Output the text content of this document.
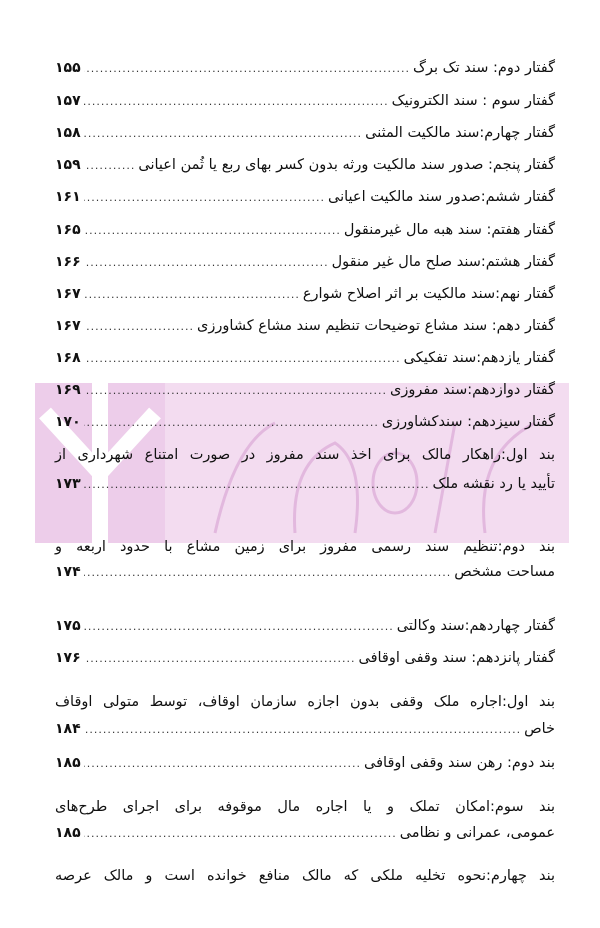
گفتار دوم: سند تک برگ
.....
۱۵۵
گفتار سوم : سند الکترونیک
.....
۱۵۷
گفتار چهارم:سند مالکیت المثنی
.....
۱۵۸
گفتار پنجم: صدور سند مالکیت ورثه بدون کسر بهای ربع یا ثُمن اعیانی
.....
۱۵۹
گفتار ششم:صدور سند مالکیت اعیانی
.....
۱۶۱
گفتار هفتم: سند هبه مال غیرمنقول
.....
۱۶۵
گفتار هشتم:سند صلح مال غیر منقول
.....
۱۶۶
گفتار نهم:سند مالکیت بر اثر اصلاح شوارع
.....
۱۶۷
گفتار دهم: سند مشاع توضیحات تنظیم سند مشاع کشاورزی
.....
۱۶۷
گفتار یازدهم:سند تفکیکی
.....
۱۶۸
گفتار دوازدهم:سند مفروزی
.....
۱۶۹
گفتار سیزدهم: سندکشاورزی
.....
۱۷۰
بند اول:راهکار مالک برای اخذ سند مفروز در صورت امتناع شهرداری از
تأیید یا رد نقشه ملک
.....
۱۷۳
بند دوم:تنظیم سند رسمی مفروز برای زمین مشاع با حدود اربعه و
مساحت مشخص
.....
۱۷۴
گفتار چهاردهم:سند وکالتی
.....
۱۷۵
گفتار پانزدهم: سند وقفی اوقافی
.....
۱۷۶
بند اول:اجاره ملک وقفی بدون اجازه سازمان اوقاف، توسط متولی اوقاف
خاص
.....
۱۸۴
بند دوم: رهن سند وقفی اوقافی
.....
۱۸۵
بند سوم:امکان تملک و یا اجاره مال موقوفه برای اجرای طرح‌های
عمومی، عمرانی و نظامی
.....
۱۸۵
بند چهارم:نحوه تخلیه ملکی که مالک منافع خوانده است و مالک عرصه
